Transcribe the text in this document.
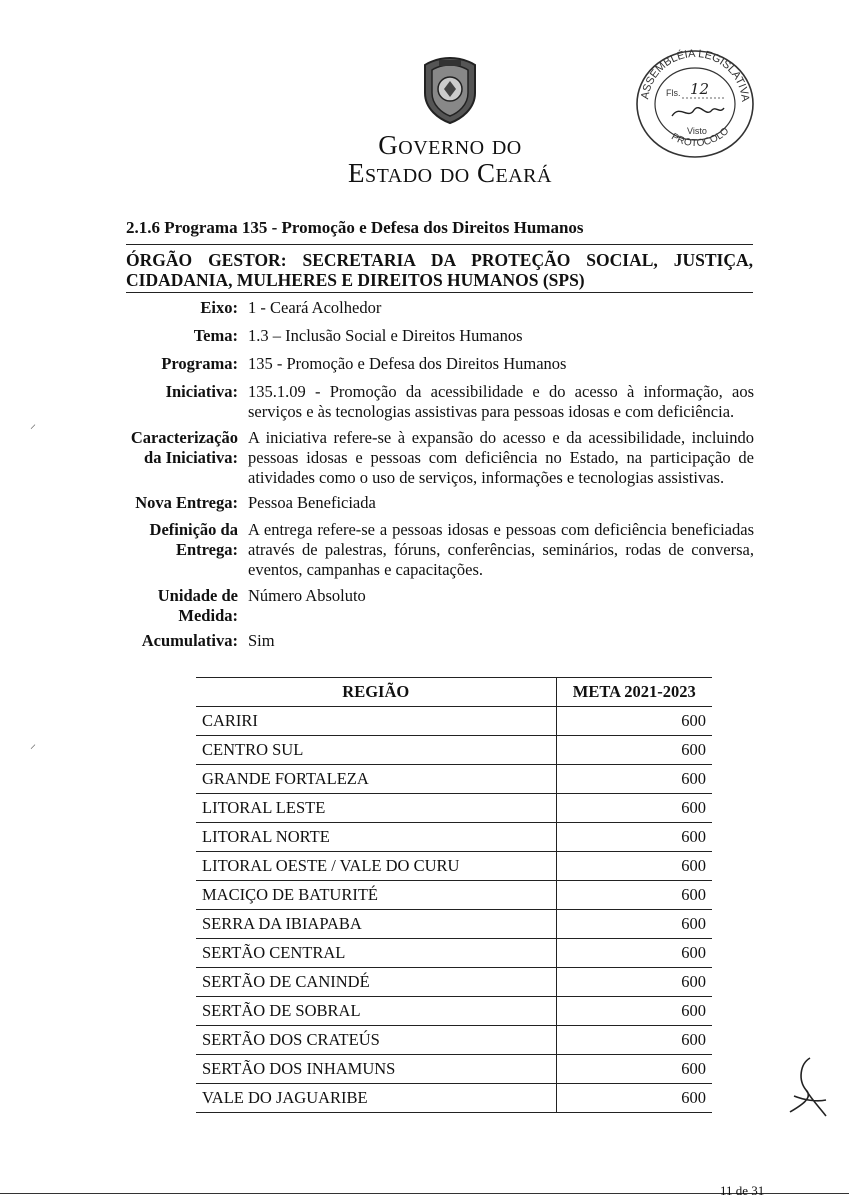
GOVERNO DO
ESTADO DO CEARÁ
ASSEMBLÉIA LEGISLATIVA
PROTOCOLO
Fls. 12
Visto
2.1.6 Programa 135 - Promoção e Defesa dos Direitos Humanos
ÓRGÃO GESTOR: SECRETARIA DA PROTEÇÃO SOCIAL, JUSTIÇA, CIDADANIA, MULHERES E DIREITOS HUMANOS (SPS)
Eixo: 1 - Ceará Acolhedor
Tema: 1.3 – Inclusão Social e Direitos Humanos
Programa: 135 - Promoção e Defesa dos Direitos Humanos
Iniciativa: 135.1.09 - Promoção da acessibilidade e do acesso à informação, aos serviços e às tecnologias assistivas para pessoas idosas e com deficiência.
Caracterização
da Iniciativa:
A iniciativa refere-se à expansão do acesso e da acessibilidade, incluindo pessoas idosas e pessoas com deficiência no Estado, na participação de atividades como o uso de serviços, informações e tecnologias assistivas.
Nova Entrega: Pessoa Beneficiada
Definição da
Entrega:
A entrega refere-se a pessoas idosas e pessoas com deficiência beneficiadas através de palestras, fóruns, conferências, seminários, rodas de conversa, eventos, campanhas e capacitações.
Unidade de
Medida:
Número Absoluto
Acumulativa: Sim
REGIÃO	META 2021-2023
CARIRI	600
CENTRO SUL	600
GRANDE FORTALEZA	600
LITORAL LESTE	600
LITORAL NORTE	600
LITORAL OESTE / VALE DO CURU	600
MACIÇO DE BATURITÉ	600
SERRA DA IBIAPABA	600
SERTÃO CENTRAL	600
SERTÃO DE CANINDÉ	600
SERTÃO DE SOBRAL	600
SERTÃO DOS CRATEÚS	600
SERTÃO DOS INHAMUNS	600
VALE DO JAGUARIBE	600
⸍
⸍
11 de 31
